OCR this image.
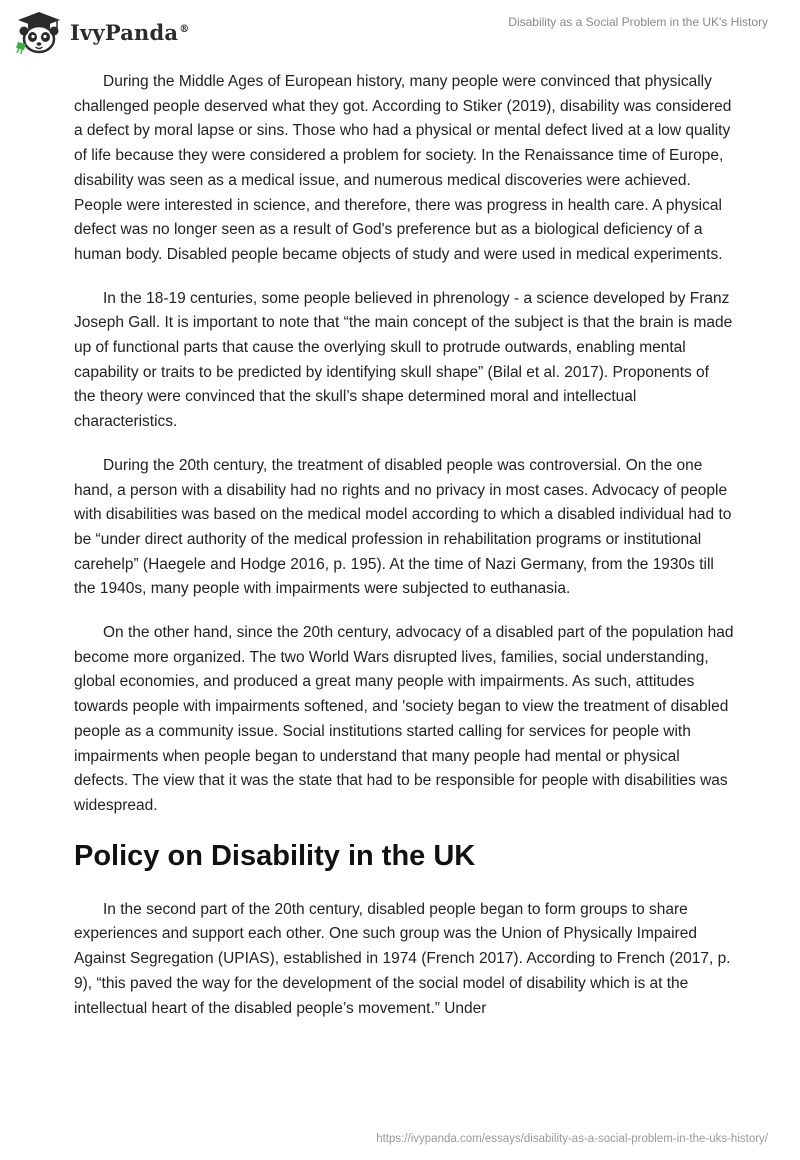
IvyPanda®	Disability as a Social Problem in the UK's History

During the Middle Ages of European history, many people were convinced that physically challenged people deserved what they got. According to Stiker (2019), disability was considered a defect by moral lapse or sins. Those who had a physical or mental defect lived at a low quality of life because they were considered a problem for society. In the Renaissance time of Europe, disability was seen as a medical issue, and numerous medical discoveries were achieved. People were interested in science, and therefore, there was progress in health care. A physical defect was no longer seen as a result of God's preference but as a biological deficiency of a human body. Disabled people became objects of study and were used in medical experiments.

In the 18-19 centuries, some people believed in phrenology - a science developed by Franz Joseph Gall. It is important to note that “the main concept of the subject is that the brain is made up of functional parts that cause the overlying skull to protrude outwards, enabling mental capability or traits to be predicted by identifying skull shape” (Bilal et al. 2017). Proponents of the theory were convinced that the skull’s shape determined moral and intellectual characteristics.

During the 20th century, the treatment of disabled people was controversial. On the one hand, a person with a disability had no rights and no privacy in most cases. Advocacy of people with disabilities was based on the medical model according to which a disabled individual had to be “under direct authority of the medical profession in rehabilitation programs or institutional carehelp” (Haegele and Hodge 2016, p. 195). At the time of Nazi Germany, from the 1930s till the 1940s, many people with impairments were subjected to euthanasia.

On the other hand, since the 20th century, advocacy of a disabled part of the population had become more organized. The two World Wars disrupted lives, families, social understanding, global economies, and produced a great many people with impairments. As such, attitudes towards people with impairments softened, and 'society began to view the treatment of disabled people as a community issue. Social institutions started calling for services for people with impairments when people began to understand that many people had mental or physical defects. The view that it was the state that had to be responsible for people with disabilities was widespread.

Policy on Disability in the UK

In the second part of the 20th century, disabled people began to form groups to share experiences and support each other. One such group was the Union of Physically Impaired Against Segregation (UPIAS), established in 1974 (French 2017). According to French (2017, p. 9), “this paved the way for the development of the social model of disability which is at the intellectual heart of the disabled people’s movement.” Under

https://ivypanda.com/essays/disability-as-a-social-problem-in-the-uks-history/
